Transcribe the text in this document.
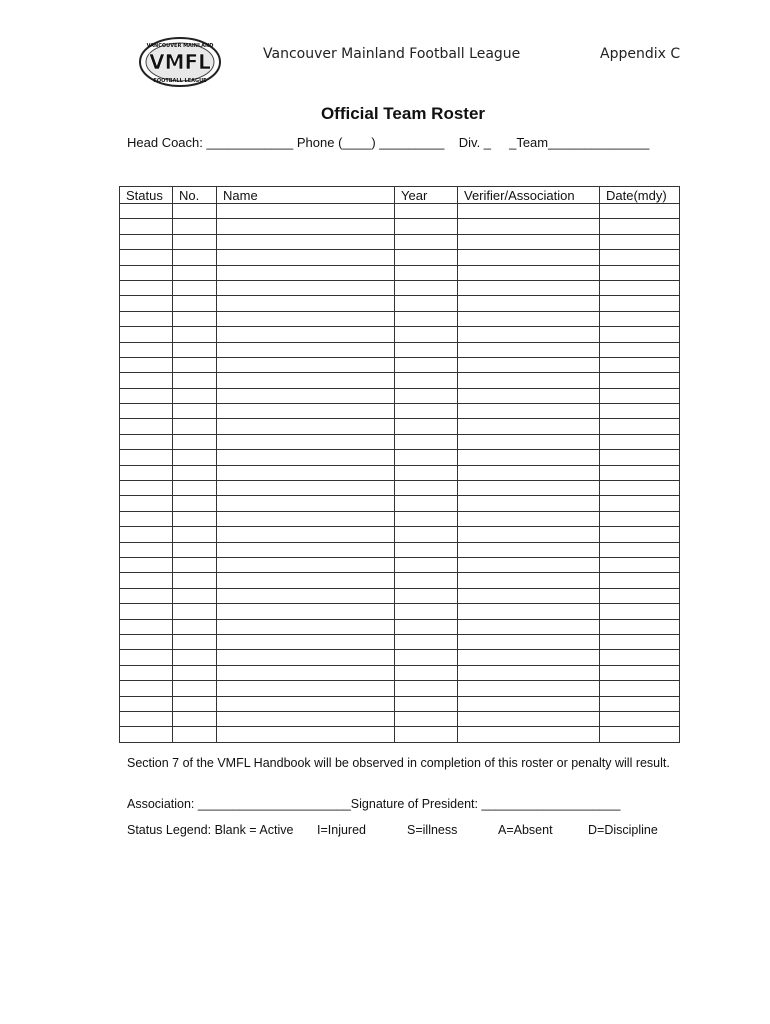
VMFL
VANCOUVER MAINLAND
FOOTBALL LEAGUE
Vancouver Mainland Football League	Appendix C
Official Team Roster
Head Coach: ____________ Phone (____) _________    Div. _     _Team______________
Status	No.	Name	Year	Verifier/Association	Date(mdy)

Section 7 of the VMFL Handbook will be observed in completion of this roster or penalty will result.
Association: ______________________Signature of President: ____________________
Status Legend: Blank = Active I=Injured	S=illness	A=Absent	D=Discipline
